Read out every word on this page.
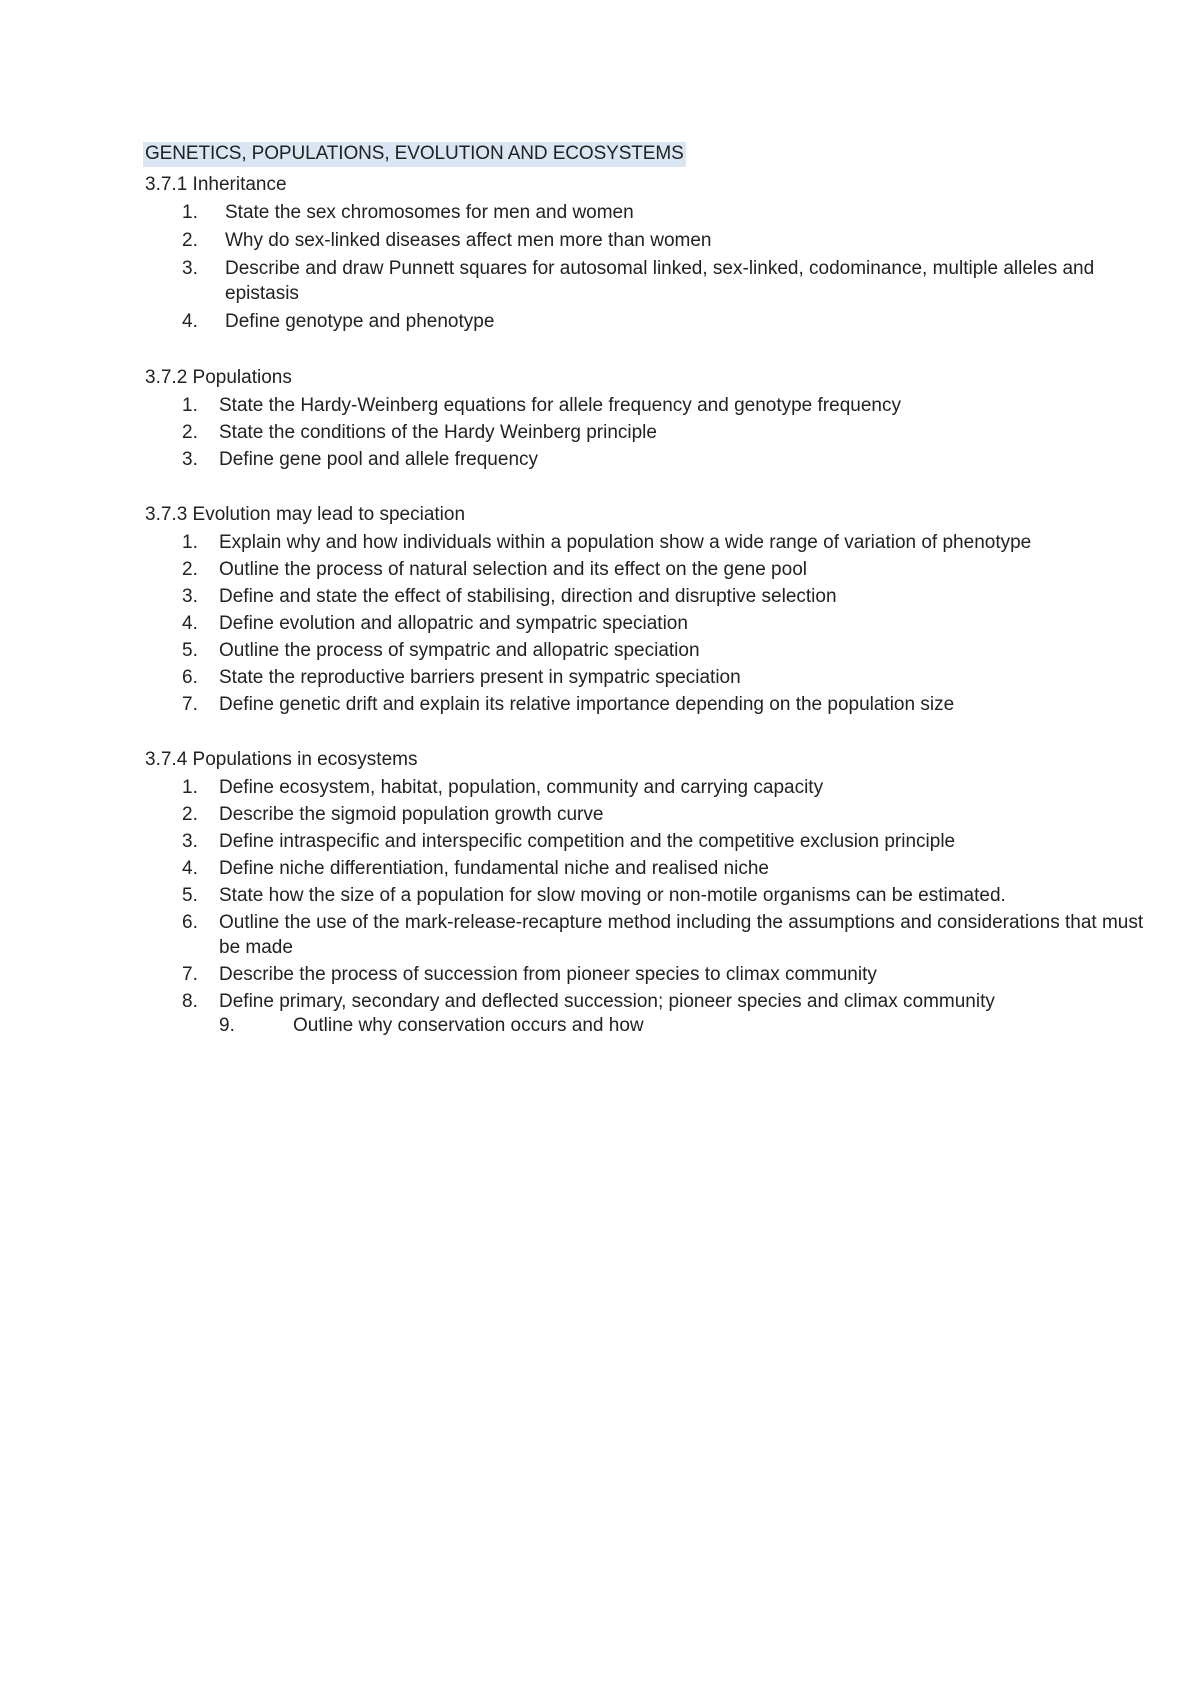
GENETICS, POPULATIONS, EVOLUTION AND ECOSYSTEMS
3.7.1 Inheritance
1.	State the sex chromosomes for men and women
2.	Why do sex-linked diseases affect men more than women
3.	Describe and draw Punnett squares for autosomal linked, sex-linked, codominance, multiple alleles and epistasis
4.	Define genotype and phenotype
3.7.2 Populations
1.	State the Hardy-Weinberg equations for allele frequency and genotype frequency
2.	State the conditions of the Hardy Weinberg principle
3.	Define gene pool and allele frequency
3.7.3 Evolution may lead to speciation
1.	Explain why and how individuals within a population show a wide range of variation of phenotype
2.	Outline the process of natural selection and its effect on the gene pool
3.	Define and state the effect of stabilising, direction and disruptive selection
4.	Define evolution and allopatric and sympatric speciation
5.	Outline the process of sympatric and allopatric speciation
6.	State the reproductive barriers present in sympatric speciation
7.	Define genetic drift and explain its relative importance depending on the population size
3.7.4 Populations in ecosystems
1.	Define ecosystem, habitat, population, community and carrying capacity
2.	Describe the sigmoid population growth curve
3.	Define intraspecific and interspecific competition and the competitive exclusion principle
4.	Define niche differentiation, fundamental niche and realised niche
5.	State how the size of a population for slow moving or non-motile organisms can be estimated.
6.	Outline the use of the mark-release-recapture method including the assumptions and considerations that must be made
7.	Describe the process of succession from pioneer species to climax community
8.	Define primary, secondary and deflected succession; pioneer species and climax community
9.	Outline why conservation occurs and how
